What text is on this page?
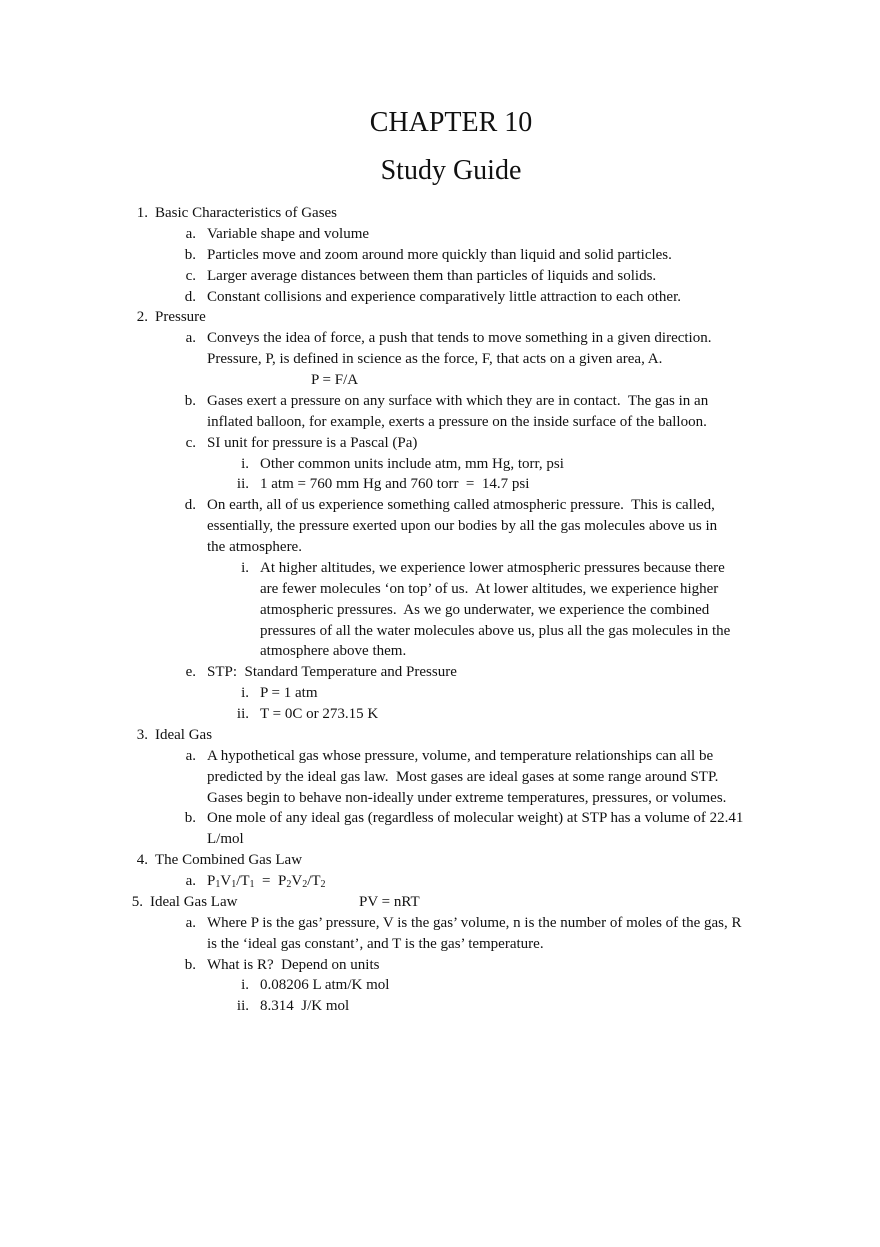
CHAPTER 10
Study Guide
1. Basic Characteristics of Gases
a. Variable shape and volume
b. Particles move and zoom around more quickly than liquid and solid particles.
c. Larger average distances between them than particles of liquids and solids.
d. Constant collisions and experience comparatively little attraction to each other.
2. Pressure
a. Conveys the idea of force, a push that tends to move something in a given direction.
Pressure, P, is defined in science as the force, F, that acts on a given area, A.
P = F/A
b. Gases exert a pressure on any surface with which they are in contact.  The gas in an
inflated balloon, for example, exerts a pressure on the inside surface of the balloon.
c. SI unit for pressure is a Pascal (Pa)
i. Other common units include atm, mm Hg, torr, psi
ii. 1 atm = 760 mm Hg and 760 torr  =  14.7 psi
d. On earth, all of us experience something called atmospheric pressure.  This is called,
essentially, the pressure exerted upon our bodies by all the gas molecules above us in
the atmosphere.
i. At higher altitudes, we experience lower atmospheric pressures because there
are fewer molecules ‘on top’ of us.  At lower altitudes, we experience higher
atmospheric pressures.  As we go underwater, we experience the combined
pressures of all the water molecules above us, plus all the gas molecules in the
atmosphere above them.
e. STP:  Standard Temperature and Pressure
i. P = 1 atm
ii. T = 0C or 273.15 K
3. Ideal Gas
a. A hypothetical gas whose pressure, volume, and temperature relationships can all be
predicted by the ideal gas law.  Most gases are ideal gases at some range around STP.
Gases begin to behave non-ideally under extreme temperatures, pressures, or volumes.
b. One mole of any ideal gas (regardless of molecular weight) at STP has a volume of 22.41
L/mol
4. The Combined Gas Law
a. $P_1V_1/T_1 = P_2V_2/T_2$
5. Ideal Gas Law	PV = nRT
a. Where P is the gas’ pressure, V is the gas’ volume, n is the number of moles of the gas, R
is the ‘ideal gas constant’, and T is the gas’ temperature.
b. What is R?  Depend on units
i. 0.08206 L atm/K mol
ii. 8.314  J/K mol
